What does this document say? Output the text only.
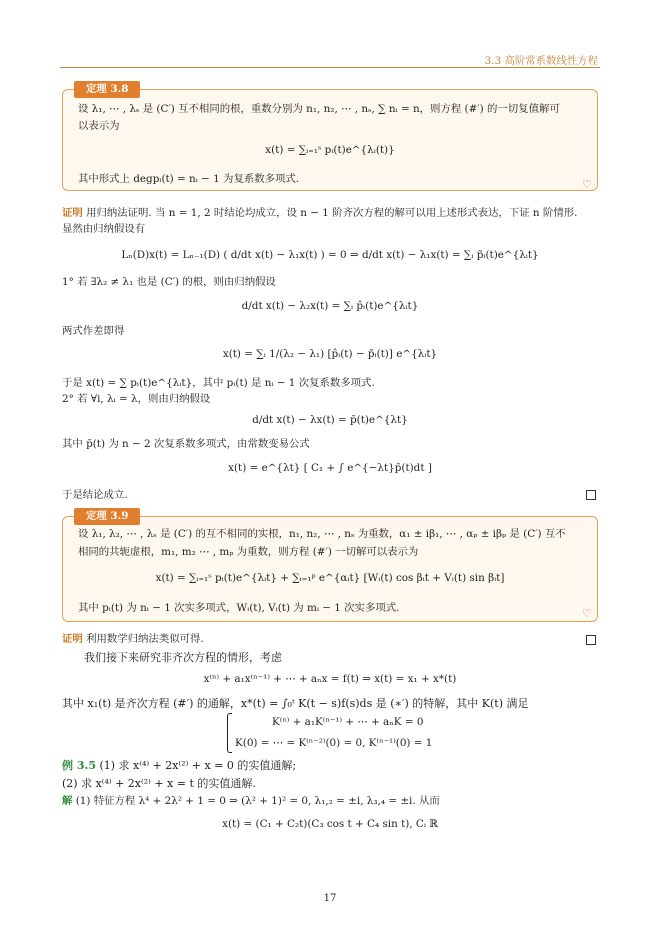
3.3 高阶常系数线性方程
定理 3.8
设 λ₁, ⋯ , λₛ 是 (C′) 互不相同的根，重数分别为 n₁, n₂, ⋯ , nₛ, ∑ nᵢ = n，则方程 (#′) 的一切复值解可
以表示为
x(t) = ∑ᵢ₌₁ˢ pᵢ(t)e^{λᵢ(t)}
其中形式上 degpᵢ(t) = nᵢ − 1 为复系数多项式.	♡
证明 用归纳法证明. 当 n = 1, 2 时结论均成立，设 n − 1 阶齐次方程的解可以用上述形式表达，下证 n 阶情形.
显然由归纳假设有
Lₙ(D)x(t) = Lₙ₋₁(D) ( d/dt x(t) − λ₁x(t) ) = 0 ⇒ d/dt x(t) − λ₁x(t) = ∑ᵢ p̃ᵢ(t)e^{λᵢt}
1° 若 ∃λ₂ ≠ λ₁ 也是 (C′) 的根，则由归纳假设
d/dt x(t) − λ₂x(t) = ∑ᵢ p̂ᵢ(t)e^{λᵢt}
两式作差即得
x(t) = ∑ᵢ 1/(λ₂ − λ₁) [p̂ᵢ(t) − p̃ᵢ(t)] e^{λᵢt}
于是 x(t) = ∑ pᵢ(t)e^{λᵢt}，其中 pᵢ(t) 是 nᵢ − 1 次复系数多项式.
2° 若 ∀i, λᵢ = λ，则由归纳假设
d/dt x(t) − λx(t) = p̄(t)e^{λt}
其中 p̄(t) 为 n − 2 次复系数多项式，由常数变易公式
x(t) = e^{λt} [ C₁ + ∫ e^{−λt}p̄(t)dt ]
于是结论成立.
定理 3.9
设 λ₁, λ₂, ⋯ , λₛ 是 (C′) 的互不相同的实根，n₁, n₂, ⋯ , nₛ 为重数，α₁ ± iβ₁, ⋯ , αₚ ± iβₚ 是 (C′) 互不
相同的共轭虚根，m₁, m₂ ⋯ , mₚ 为重数，则方程 (#′) 一切解可以表示为
x(t) = ∑ᵢ₌₁ˢ pᵢ(t)e^{λᵢt} + ∑ᵢ₌₁ᵖ e^{αᵢt} [Wᵢ(t) cos βᵢt + Vᵢ(t) sin βᵢt]
其中 pᵢ(t) 为 nᵢ − 1 次实多项式，Wᵢ(t), Vᵢ(t) 为 mᵢ − 1 次实多项式.	♡
证明 利用数学归纳法类似可得.
我们接下来研究非齐次方程的情形，考虑
x⁽ⁿ⁾ + a₁x⁽ⁿ⁻¹⁾ + ⋯ + aₙx = f(t) ⇒ x(t) = x₁ + x*(t)
其中 x₁(t) 是齐次方程 (#′) 的通解，x*(t) = ∫₀ᵗ K(t − s)f(s)ds 是 (∗′) 的特解，其中 K(t) 满足
K⁽ⁿ⁾ + a₁K⁽ⁿ⁻¹⁾ + ⋯ + aₙK = 0
K(0) = ⋯ = K⁽ⁿ⁻²⁾(0) = 0, K⁽ⁿ⁻¹⁾(0) = 1
例 3.5 (1) 求 x⁽⁴⁾ + 2x⁽²⁾ + x = 0 的实值通解;
(2) 求 x⁽⁴⁾ + 2x⁽²⁾ + x = t 的实值通解.
解 (1) 特征方程 λ⁴ + 2λ² + 1 = 0 ⇒ (λ² + 1)² = 0, λ₁,₂ = ±i, λ₃,₄ = ±i. 从而
x(t) = (C₁ + C₂t)(C₃ cos t + C₄ sin t), Cᵢ ℝ
17
